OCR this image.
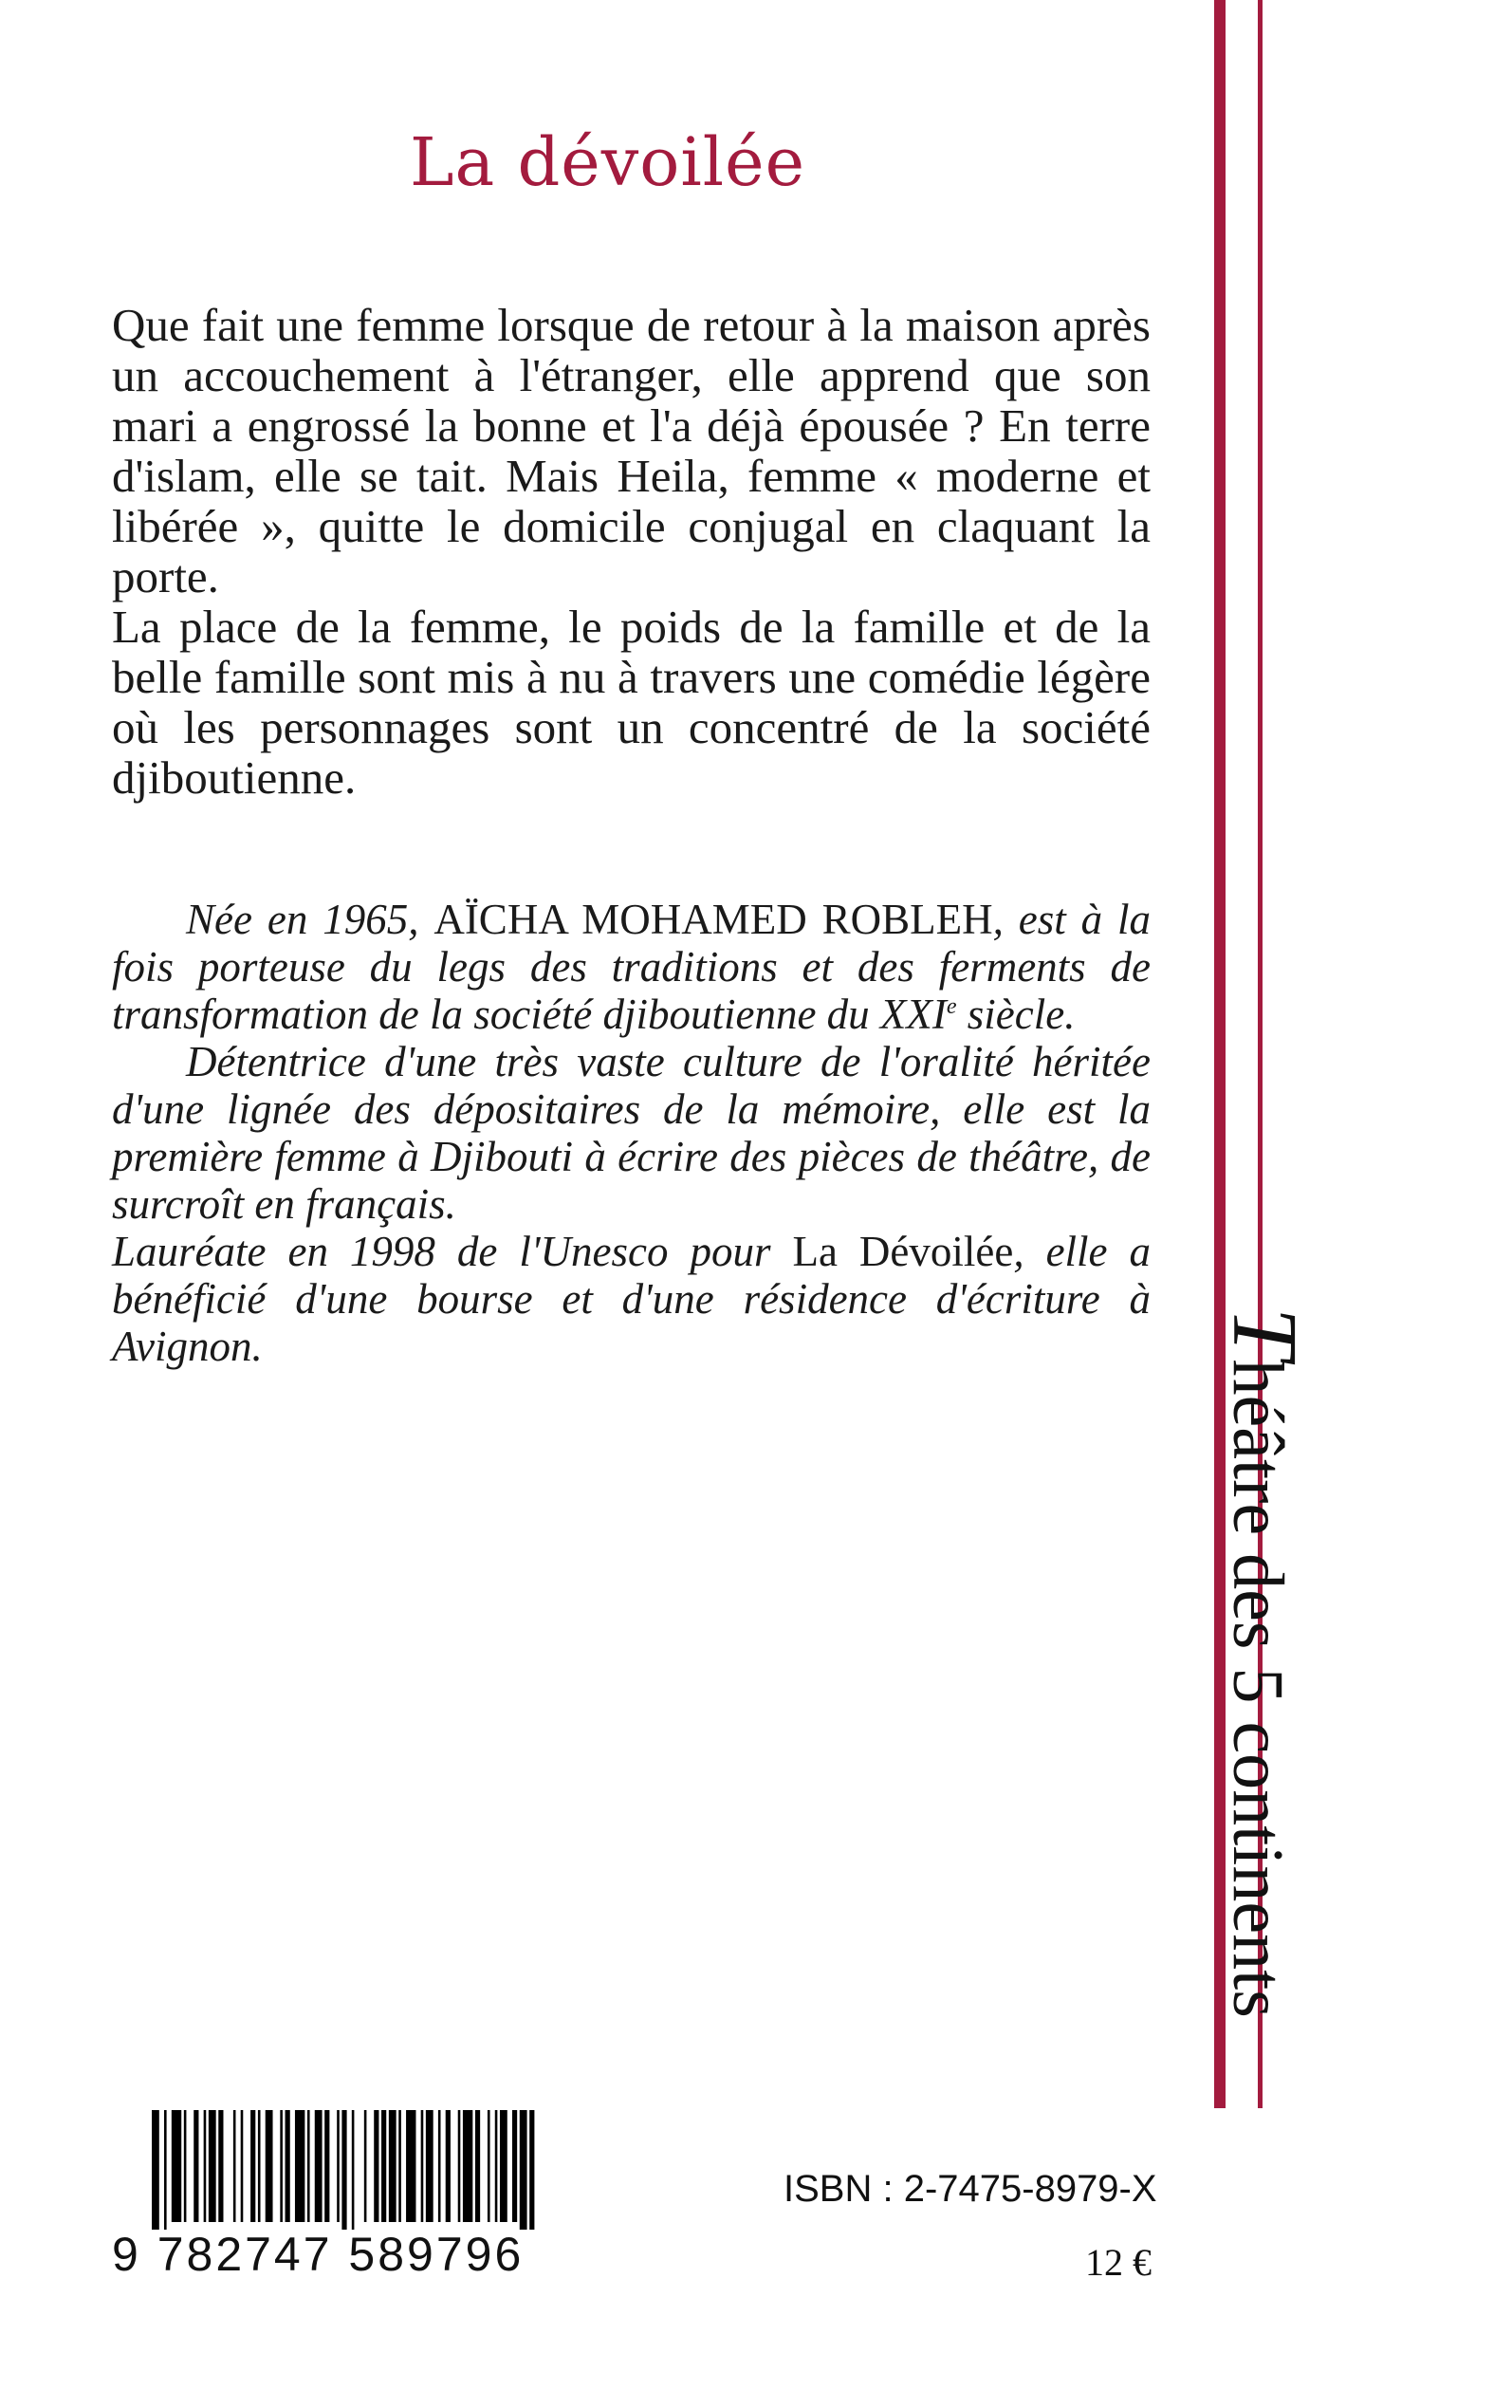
La dévoilée

Que fait une femme lorsque de retour à la maison après un accouchement à l'étranger, elle apprend que son mari a engrossé la bonne et l'a déjà épousée ? En terre d'islam, elle se tait. Mais Heila, femme « moderne et libérée », quitte le domicile conjugal en claquant la porte.

La place de la femme, le poids de la famille et de la belle famille sont mis à nu à travers une comédie légère où les personnages sont un concentré de la société djiboutienne.

Née en 1965, AÏCHA MOHAMED ROBLEH, est à la fois porteuse du legs des traditions et des ferments de transformation de la société djiboutienne du XXIe siècle.

Détentrice d'une très vaste culture de l'oralité héritée d'une lignée des dépositaires de la mémoire, elle est la première femme à Djibouti à écrire des pièces de théâtre, de surcroît en français.

Lauréate en 1998 de l'Unesco pour La Dévoilée, elle a bénéficié d'une bourse et d'une résidence d'écriture à Avignon.	Théâtre des 5 continents
9 782747 589796
ISBN : 2-7475-8979-X
12 €
